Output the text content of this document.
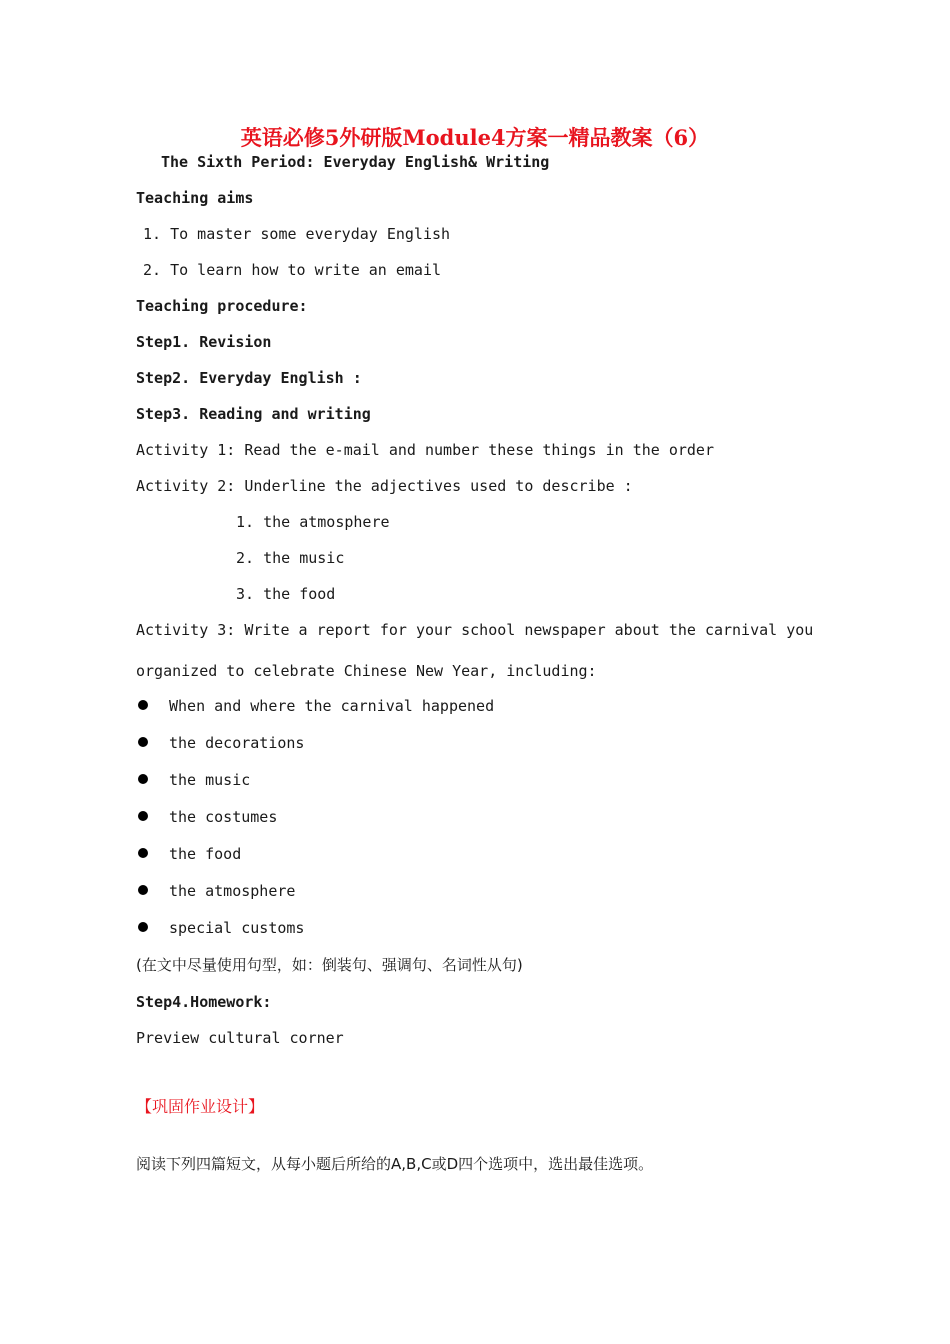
英语必修5外研版Module4方案一精品教案（6）
The Sixth Period: Everyday English& Writing
Teaching aims
1. To master some everyday English
2. To learn how to write an email
Teaching procedure:
Step1. Revision
Step2. Everyday English :
Step3. Reading and writing
Activity 1: Read the e-mail and number these things in the order
Activity 2: Underline the adjectives used to describe :
1. the atmosphere
2. the music
3. the food
Activity 3: Write a report for your school newspaper about the carnival you
organized to celebrate Chinese New Year, including:
When and where the carnival happened
the decorations
the music
the costumes
the food
the atmosphere
special customs
(在文中尽量使用句型，如：倒装句、强调句、名词性从句)
Step4.Homework:
Preview cultural corner
【巩固作业设计】
阅读下列四篇短文，从每小题后所给的A,B,C或D四个选项中，选出最佳选项。
